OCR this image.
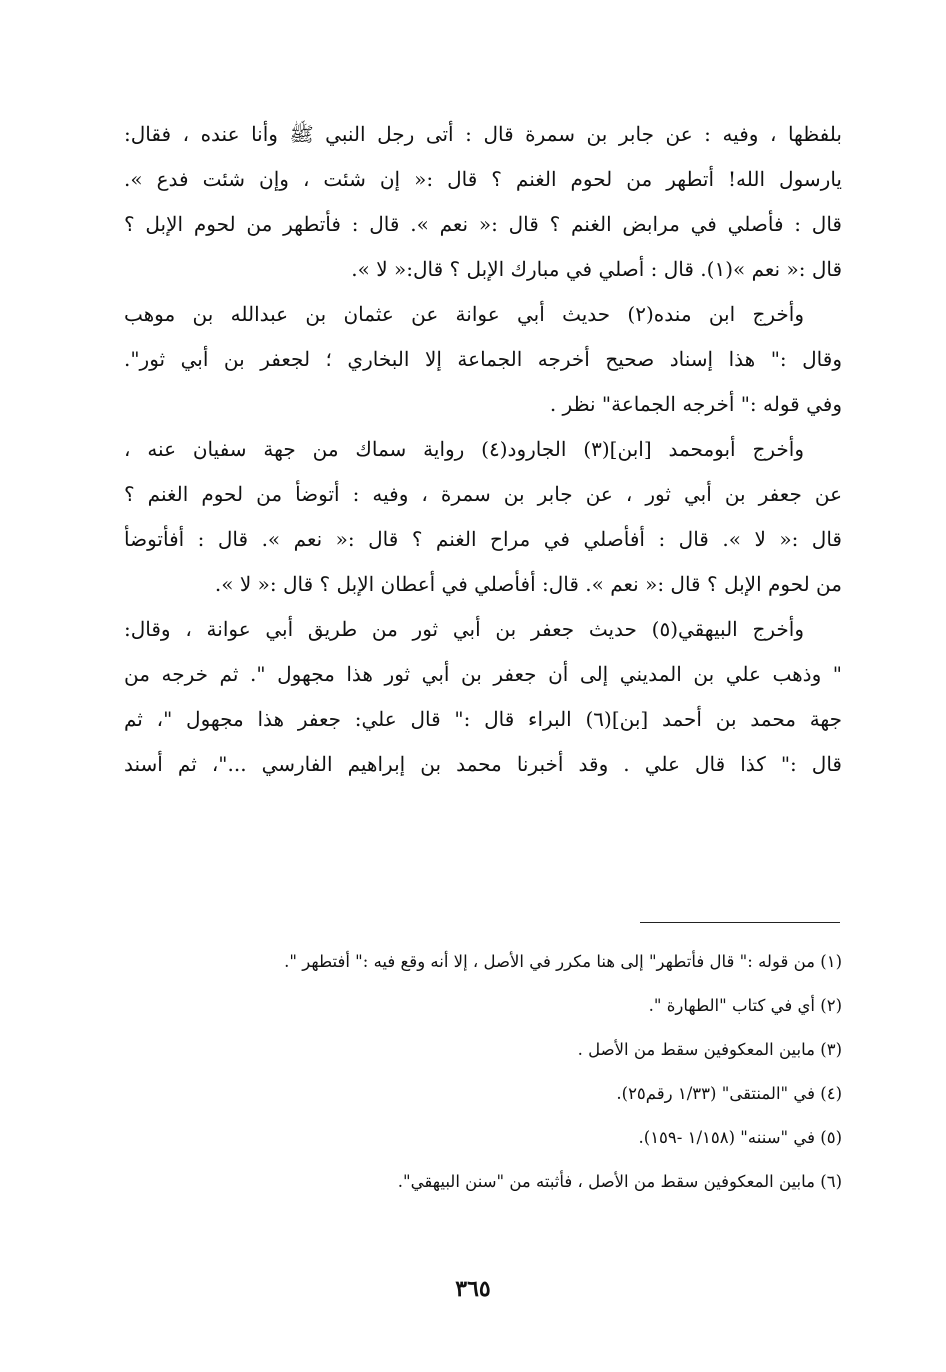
بلفظها ، وفيه : عن جابر بن سمرة قال : أتى رجل النبي ﷺ وأنا عنده ، فقال:
يارسول الله! أتطهر من لحوم الغنم ؟ قال :« إن شئت ، وإن شئت فدع ».
قال : فأصلي في مرابض الغنم ؟ قال :« نعم ». قال : فأتطهر من لحوم الإبل ؟
قال :« نعم »(١). قال : أصلي في مبارك الإبل ؟ قال:« لا ».
وأخرج ابن منده(٢) حديث أبي عوانة عن عثمان بن عبدالله بن موهب
وقال :" هذا إسناد صحيح أخرجه الجماعة إلا البخاري ؛ لجعفر بن أبي ثور".
وفي قوله :" أخرجه الجماعة" نظر .
وأخرج أبومحمد [ابن](٣) الجارود(٤) رواية سماك من جهة سفيان عنه ،
عن جعفر بن أبي ثور ، عن جابر بن سمرة ، وفيه : أتوضأ من لحوم الغنم ؟
قال :« لا ». قال : أفأصلي في مراح الغنم ؟ قال :« نعم ». قال : أفأتوضأ
من لحوم الإبل ؟ قال :« نعم ». قال: أفأصلي في أعطان الإبل ؟ قال :« لا ».
وأخرج البيهقي(٥) حديث جعفر بن أبي ثور من طريق أبي عوانة ، وقال:
" وذهب علي بن المديني إلى أن جعفر بن أبي ثور هذا مجهول ". ثم خرجه من
جهة محمد بن أحمد [بن](٦) البراء قال :" قال علي: جعفر هذا مجهول "، ثم
قال :" كذا قال علي . وقد أخبرنا محمد بن إبراهيم الفارسي ..."، ثم أسند
(١) من قوله :" قال فأتطهر" إلى هنا مكرر في الأصل ، إلا أنه وقع فيه :" أفتطهر ".
(٢) أي في كتاب "الطهارة ".
(٣) مابين المعكوفين سقط من الأصل .
(٤) في "المنتقى" (١/٣٣ رقم٢٥).
(٥) في "سننه" (١/١٥٨ -١٥٩).
(٦) مابين المعكوفين سقط من الأصل ، فأثبته من "سنن البيهقي".
٣٦٥
